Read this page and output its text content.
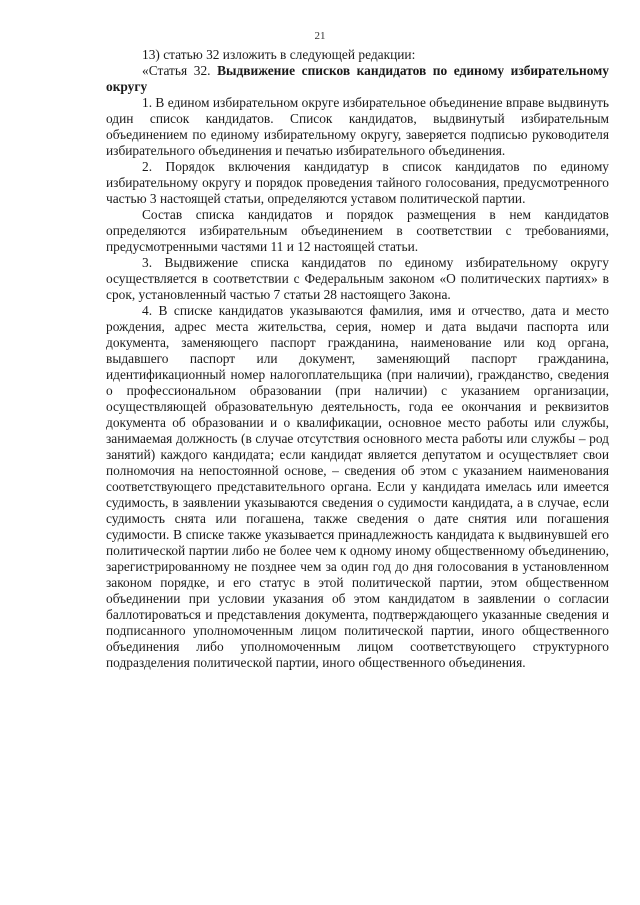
21

13) статью 32 изложить в следующей редакции:

«Статья 32. Выдвижение списков кандидатов по единому избирательному округу

1. В едином избирательном округе избирательное объединение вправе выдвинуть один список кандидатов. Список кандидатов, выдвинутый избирательным объединением по единому избирательному округу, заверяется подписью руководителя избирательного объединения и печатью избирательного объединения.

2. Порядок включения кандидатур в список кандидатов по единому избирательному округу и порядок проведения тайного голосования, предусмотренного частью 3 настоящей статьи, определяются уставом политической партии.

Состав списка кандидатов и порядок размещения в нем кандидатов определяются избирательным объединением в соответствии с требованиями, предусмотренными частями 11 и 12 настоящей статьи.

3. Выдвижение списка кандидатов по единому избирательному округу осуществляется в соответствии с Федеральным законом «О политических партиях» в срок, установленный частью 7 статьи 28 настоящего Закона.

4. В списке кандидатов указываются фамилия, имя и отчество, дата и место рождения, адрес места жительства, серия, номер и дата выдачи паспорта или документа, заменяющего паспорт гражданина, наименование или код органа, выдавшего паспорт или документ, заменяющий паспорт гражданина, идентификационный номер налогоплательщика (при наличии), гражданство, сведения о профессиональном образовании (при наличии) с указанием организации, осуществляющей образовательную деятельность, года ее окончания и реквизитов документа об образовании и о квалификации, основное место работы или службы, занимаемая должность (в случае отсутствия основного места работы или службы – род занятий) каждого кандидата; если кандидат является депутатом и осуществляет свои полномочия на непостоянной основе, – сведения об этом с указанием наименования соответствующего представительного органа. Если у кандидата имелась или имеется судимость, в заявлении указываются сведения о судимости кандидата, а в случае, если судимость снята или погашена, также сведения о дате снятия или погашения судимости. В списке также указывается принадлежность кандидата к выдвинувшей его политической партии либо не более чем к одному иному общественному объединению, зарегистрированному не позднее чем за один год до дня голосования в установленном законом порядке, и его статус в этой политической партии, этом общественном объединении при условии указания об этом кандидатом в заявлении о согласии баллотироваться и представления документа, подтверждающего указанные сведения и подписанного уполномоченным лицом политической партии, иного общественного объединения либо уполномоченным лицом соответствующего структурного подразделения политической партии, иного общественного объединения.
